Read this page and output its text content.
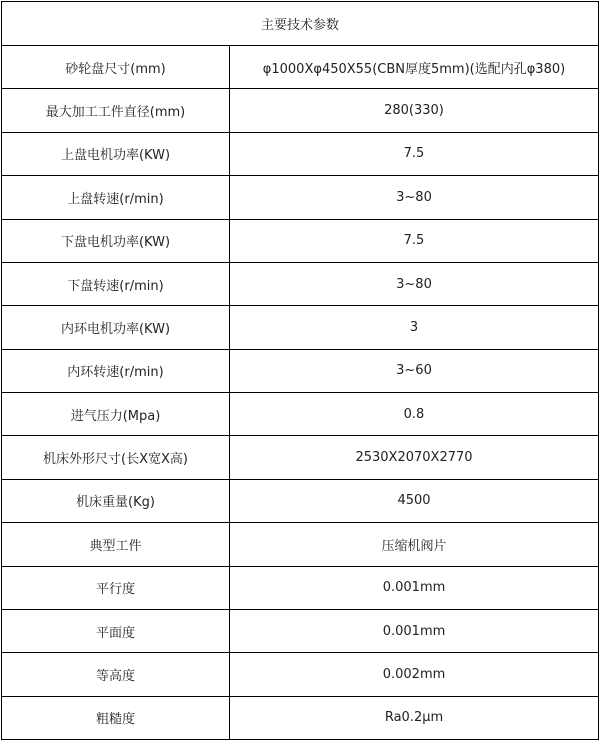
主要技术参数	
砂轮盘尺寸(mm)	φ1000Xφ450X55(CBN厚度5mm)(选配内孔φ380)
最大加工工件直径(mm)	280(330)
上盘电机功率(KW)	7.5
上盘转速(r/min)	3~80
下盘电机功率(KW)	7.5
下盘转速(r/min)	3~80
内环电机功率(KW)	3
内环转速(r/min)	3~60
进气压力(Mpa)	0.8
机床外形尺寸(长X宽X高)	2530X2070X2770
机床重量(Kg)	4500
典型工件	压缩机阀片
平行度	0.001mm
平面度	0.001mm
等高度	0.002mm
粗糙度	Ra0.2μm
